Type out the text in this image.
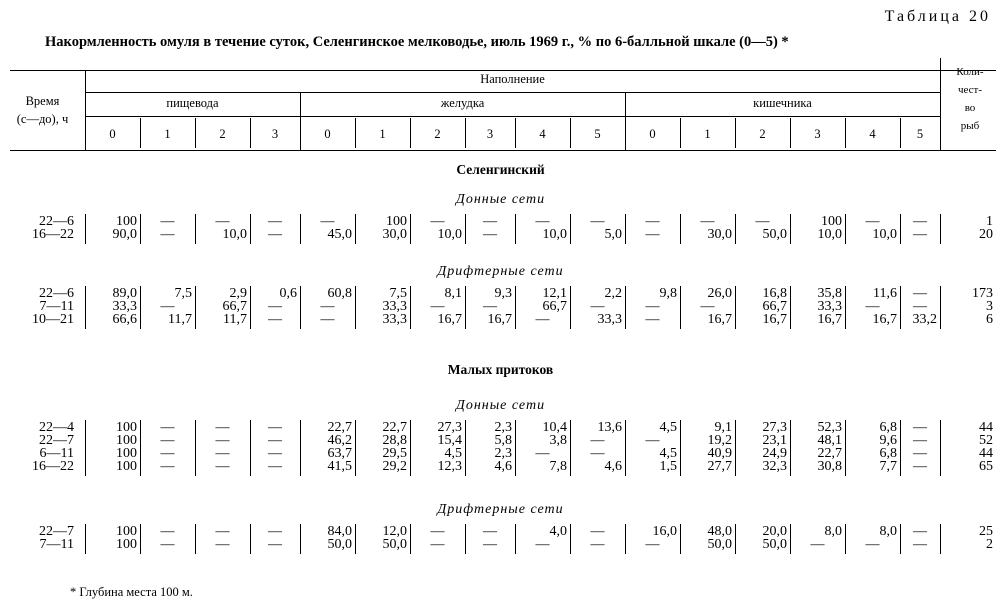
Таблица 20
Накормленность омуля в течение суток, Селенгинское мелководье, июль 1969 г., % по 6-балльной шкале (0—5) *
* Глубина места 100 м.
Время
(с—до), ч
Наполнение	Коли-
чест-
во
рыб
пищевода
0	1	2	3
желудка
0	1	2	3	4	5
кишечника
0	1	2	3	4	5
Селенгинский
Донные сети
22—6	100	—	—	—	—	100	—	—	—	—	—	—	—	100	—	—	1
16—22	90,0	—	10,0	—	45,0	30,0	10,0	—	10,0	5,0	—	30,0	50,0	10,0	10,0	—	20
Дрифтерные сети
22—6	89,0	7,5	2,9	0,6	60,8	7,5	8,1	9,3	12,1	2,2	9,8	26,0	16,8	35,8	11,6	—	173
7—11	33,3	—	66,7	—	—	33,3	—	—	66,7	—	—	—	66,7	33,3	—	—	3
10—21	66,6	11,7	11,7	—	—	33,3	16,7	16,7	—	33,3	—	16,7	16,7	16,7	16,7	33,2	6
Малых притоков
Донные сети
22—4	100	—	—	—	22,7	22,7	27,3	2,3	10,4	13,6	4,5	9,1	27,3	52,3	6,8	—	44
22—7	100	—	—	—	46,2	28,8	15,4	5,8	3,8	—	—	19,2	23,1	48,1	9,6	—	52
6—11	100	—	—	—	63,7	29,5	4,5	2,3	—	—	4,5	40,9	24,9	22,7	6,8	—	44
16—22	100	—	—	—	41,5	29,2	12,3	4,6	7,8	4,6	1,5	27,7	32,3	30,8	7,7	—	65
Дрифтерные сети
22—7	100	—	—	—	84,0	12,0	—	—	4,0	—	16,0	48,0	20,0	8,0	8,0	—	25
7—11	100	—	—	—	50,0	50,0	—	—	—	—	—	50,0	50,0	—	—	—	2
